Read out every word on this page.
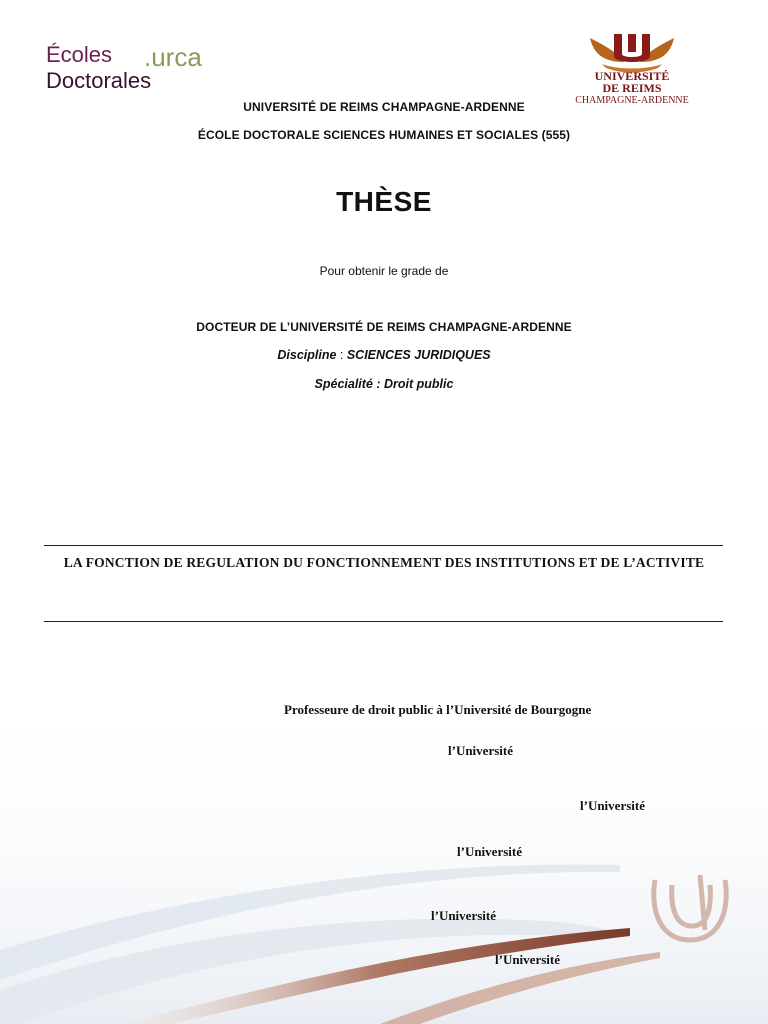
Écoles .urca
Doctorales	UNIVERSITÉ
DE REIMS
CHAMPAGNE-ARDENNE
UNIVERSITÉ DE REIMS CHAMPAGNE-ARDENNE
ÉCOLE DOCTORALE SCIENCES HUMAINES ET SOCIALES (555)
THÈSE
Pour obtenir le grade de
DOCTEUR DE L’UNIVERSITÉ DE REIMS CHAMPAGNE-ARDENNE
Discipline : SCIENCES JURIDIQUES
Spécialité : Droit public
LA FONCTION DE REGULATION DU FONCTIONNEMENT DES INSTITUTIONS ET DE L’ACTIVITE
Professeure de droit public à l’Université de Bourgogne
l’Université
l’Université
l’Université
l’Université
l’Université
